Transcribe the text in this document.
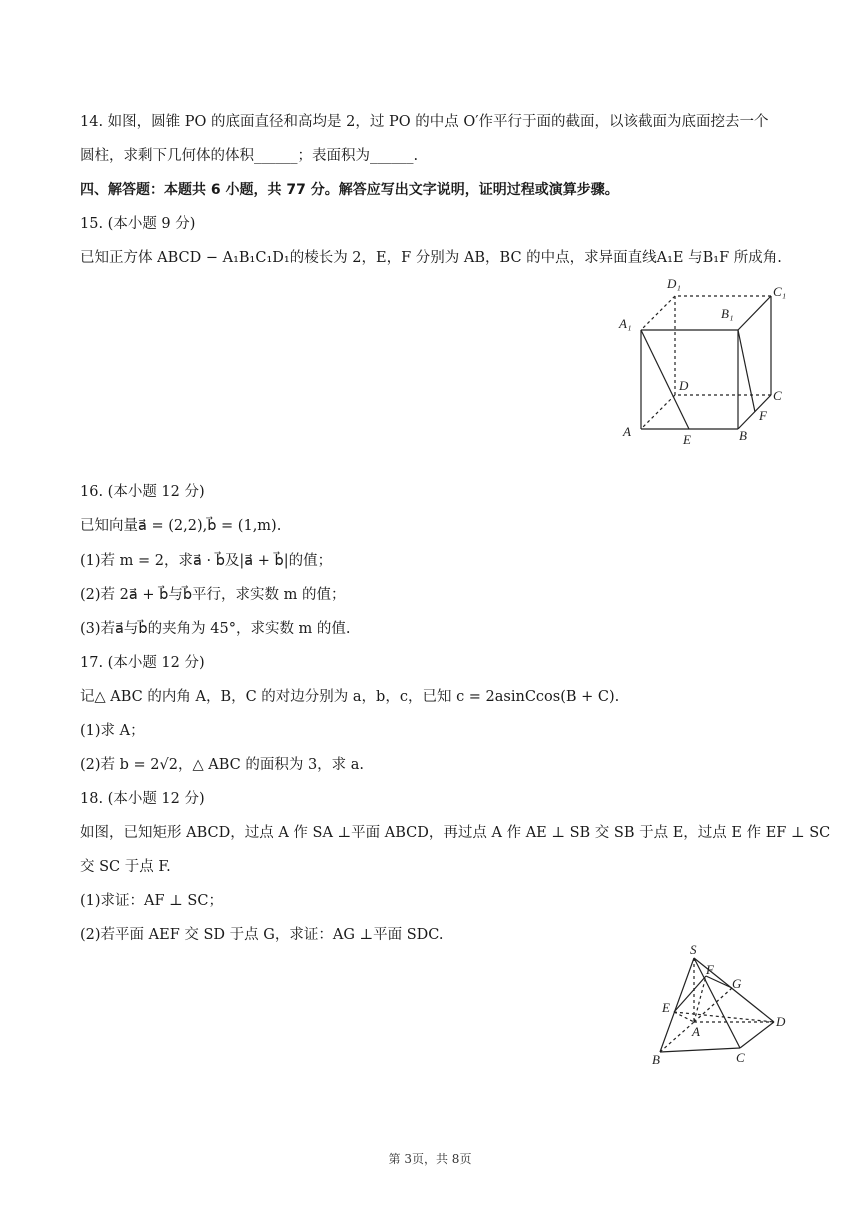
14. 如图，圆锥 PO 的底面直径和高均是 2，过 PO 的中点 O′作平行于面的截面，以该截面为底面挖去一个
圆柱，求剩下几何体的体积______；表面积为______.
四、解答题：本题共 6 小题，共 77 分。解答应写出文字说明，证明过程或演算步骤。
15. (本小题 9 分)
已知正方体 ABCD − A₁B₁C₁D₁的棱长为 2，E，F 分别为 AB，BC 的中点，求异面直线A₁E 与B₁F 所成角.
D₁
C₁
A₁
B₁
D
C
F
A
E	B
16. (本小题 12 分)
已知向量a⃗ = (2,2),b⃗ = (1,m).
(1)若 m = 2，求a⃗ · b⃗及|a⃗ + b⃗|的值；
(2)若 2a⃗ + b⃗与b⃗平行，求实数 m 的值；
(3)若a⃗与b⃗的夹角为 45°，求实数 m 的值.
17. (本小题 12 分)
记△ ABC 的内角 A，B，C 的对边分别为 a，b，c，已知 c = 2asinCcos(B + C).
(1)求 A；
(2)若 b = 2√2，△ ABC 的面积为 3，求 a.
18. (本小题 12 分)
如图，已知矩形 ABCD，过点 A 作 SA ⊥平面 ABCD，再过点 A 作 AE ⊥ SB 交 SB 于点 E，过点 E 作 EF ⊥ SC
交 SC 于点 F.
(1)求证：AF ⊥ SC；
(2)若平面 AEF 交 SD 于点 G，求证：AG ⊥平面 SDC.
S
F
G
E
D
A
B	C
第 3页，共 8页
